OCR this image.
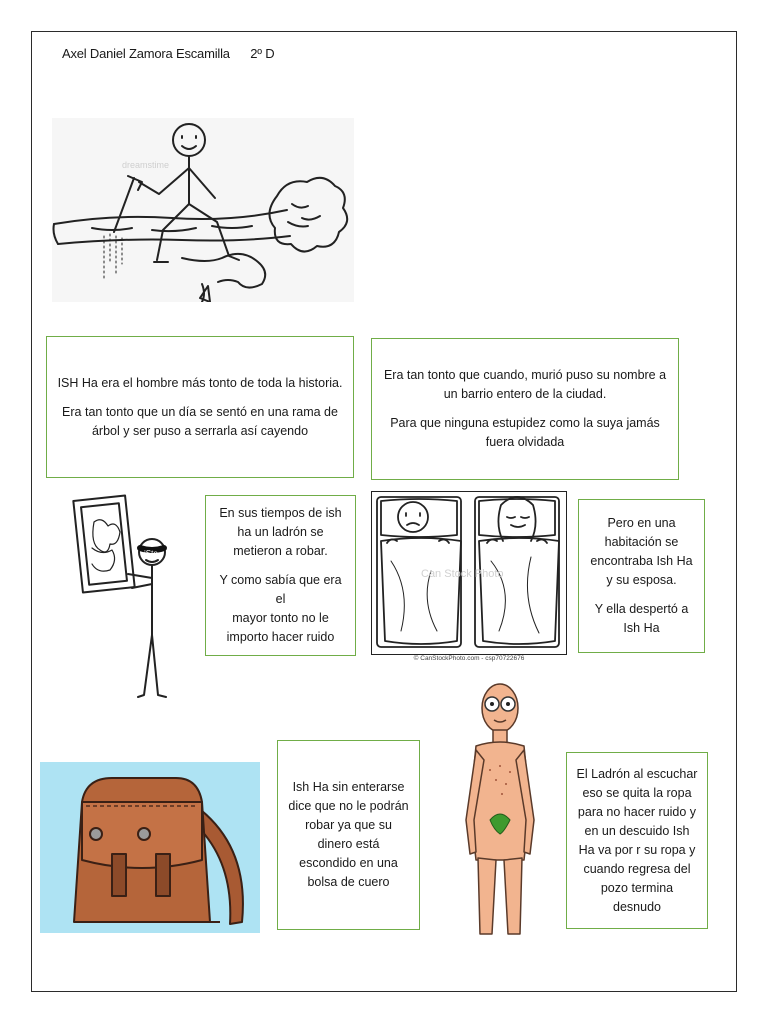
Axel Daniel Zamora Escamilla 2º D
dreamstime

ISH Ha era el hombre más tonto de toda la historia.

Era tan tonto que un día se sentó en una rama de
árbol y ser puso a serrarla así cayendo

Era tan tonto que cuando, murió puso su nombre a
un barrio entero de la ciudad.

Para que ninguna estupidez como la suya jamás
fuera olvidada

iSto

En sus tiempos de ish
ha un ladrón se
metieron a robar.

Y como sabía que era el
mayor tonto no le
importo hacer ruido

Can Stock Photo
© CanStockPhoto.com - csp70722676

Pero en una
habitación se
encontraba Ish Ha
y su esposa.

Y ella despertó a
Ish Ha

Ish Ha sin enterarse
dice que no le podrán
robar ya que su
dinero está
escondido en una
bolsa de cuero

El Ladrón al escuchar
eso se quita la ropa
para no hacer ruido y
en un descuido Ish
Ha va por r su ropa y
cuando regresa del
pozo termina
desnudo
